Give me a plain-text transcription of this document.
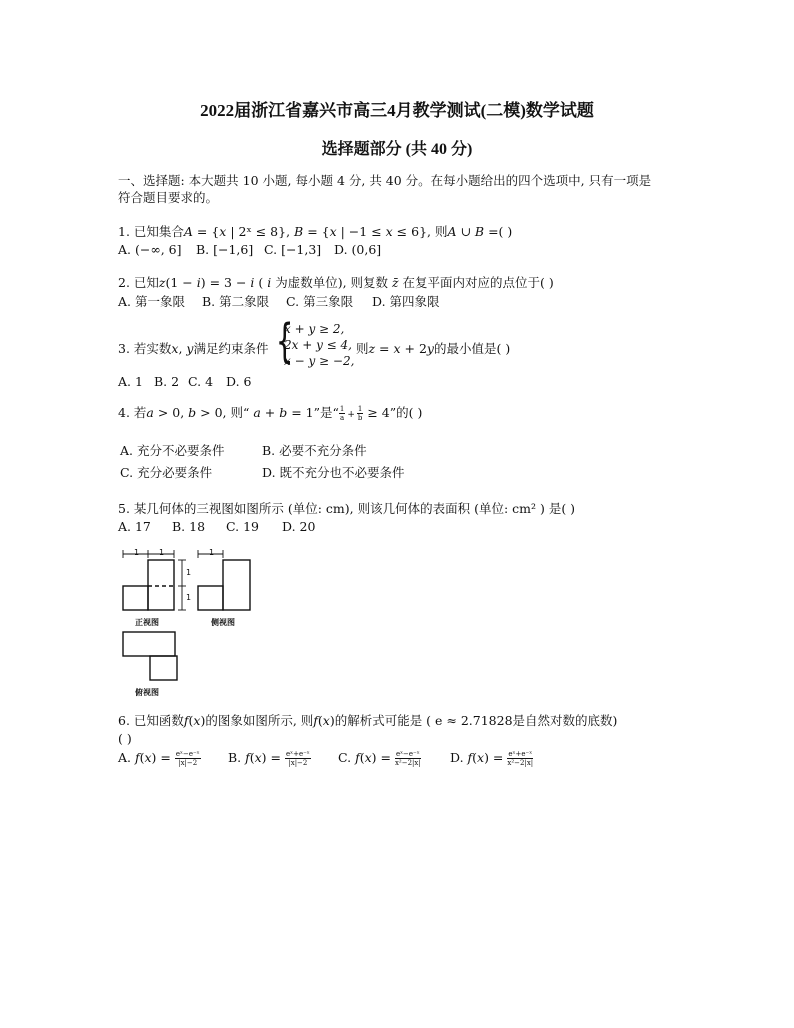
2022届浙江省嘉兴市高三4月教学测试(二模)数学试题
选择题部分 (共 40 分)
一、选择题: 本大题共 10 小题, 每小题 4 分, 共 40 分。在每小题给出的四个选项中, 只有一项是
符合题目要求的。
1. 已知集合𝐴 = {𝑥 | 2ˣ ≤ 8}, 𝐵 = {𝑥 | −1 ≤ 𝑥 ≤ 6}, 则𝐴 ∪ 𝐵 =( )
A. (−∞, 6] B. [−1,6] C. [−1,3] D. (0,6]
2. 已知𝑧(1 − 𝑖) = 3 − 𝑖 ( 𝑖 为虚数单位), 则复数 𝑧̄ 在复平面内对应的点位于( )
A. 第一象限 B. 第二象限 C. 第三象限 D. 第四象限
3. 若实数𝑥, 𝑦满足约束条件 {
x + y ≥ 2,
2x + y ≤ 4,
x − y ≥ −2,
则𝑧 = 𝑥 + 2𝑦的最小值是( )
A. 1 B. 2 C. 4 D. 6
4. 若𝑎 > 0, 𝑏 > 0, 则“ 𝑎 + 𝑏 = 1”是“ $\frac{1}{a} + \frac{1}{b} \ge 4$”的( )
A. 充分不必要条件	B. 必要不充分条件
C. 充分必要条件	D. 既不充分也不必要条件
5. 某几何体的三视图如图所示 (单位: cm), 则该几何体的表面积 (单位: cm² ) 是( )
A. 17 B. 18 C. 19 D. 20
1 1	1
1
1
正视图	侧视图
俯视图
6. 已知函数𝑓(𝑥)的图象如图所示, 则𝑓(𝑥)的解析式可能是 ( e ≈ 2.71828是自然对数的底数)
( )
A. 𝑓(𝑥) = $\frac{\text{eˣ−e⁻ˣ}}{|x|-2} B$. 𝑓(𝑥) = $\frac{\text{eˣ+e⁻ˣ}}{|x|-2} C$. 𝑓(𝑥) = $\frac{\text{eˣ−e⁻ˣ}}{\text{x²−2|x|}} D$. 𝑓(𝑥) = $\frac{\text{eˣ+e⁻ˣ}}{\text{x²−2|x|}}$
